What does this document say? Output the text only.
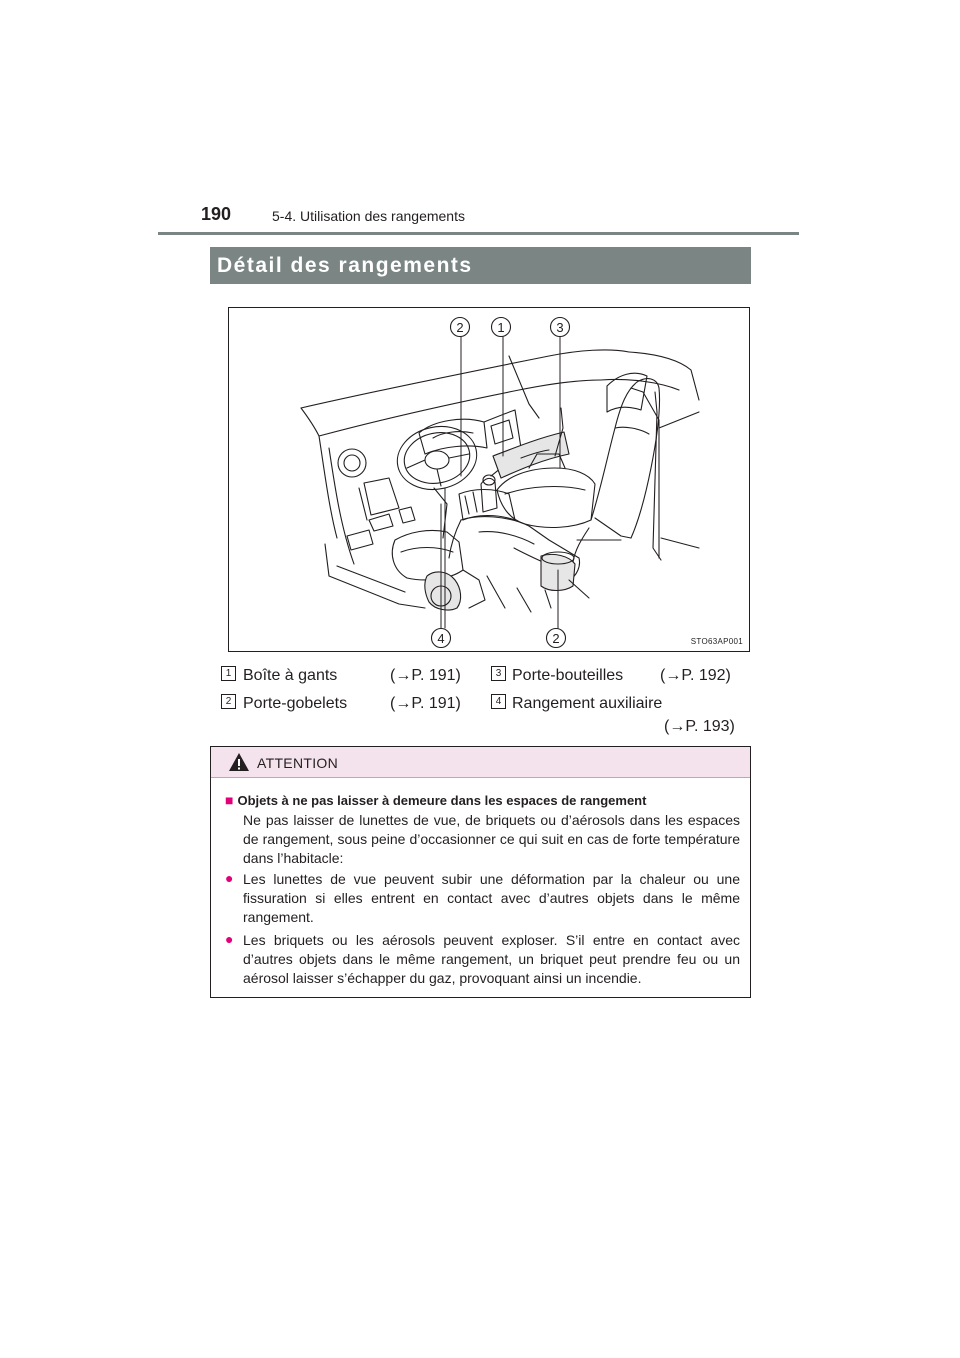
190	5-4. Utilisation des rangements
Détail des rangements
2	1	3
4	2	STO63AP001
1 Boîte à gants	(→P. 191)	3 Porte-bouteilles (→P. 192)
2 Porte-gobelets	(→P. 191)	4 Rangement auxiliaire
(→P. 193)
ATTENTION
■ Objets à ne pas laisser à demeure dans les espaces de rangement

Ne pas laisser de lunettes de vue, de briquets ou d’aérosols dans les espaces de rangement, sous peine d’occasionner ce qui suit en cas de forte température dans l’habitacle:

● Les lunettes de vue peuvent subir une déformation par la chaleur ou une fissuration si elles entrent en contact avec d’autres objets dans le même rangement.

● Les briquets ou les aérosols peuvent exploser. S’il entre en contact avec d’autres objets dans le même rangement, un briquet peut prendre feu ou un aérosol laisser s’échapper du gaz, provoquant ainsi un incendie.
